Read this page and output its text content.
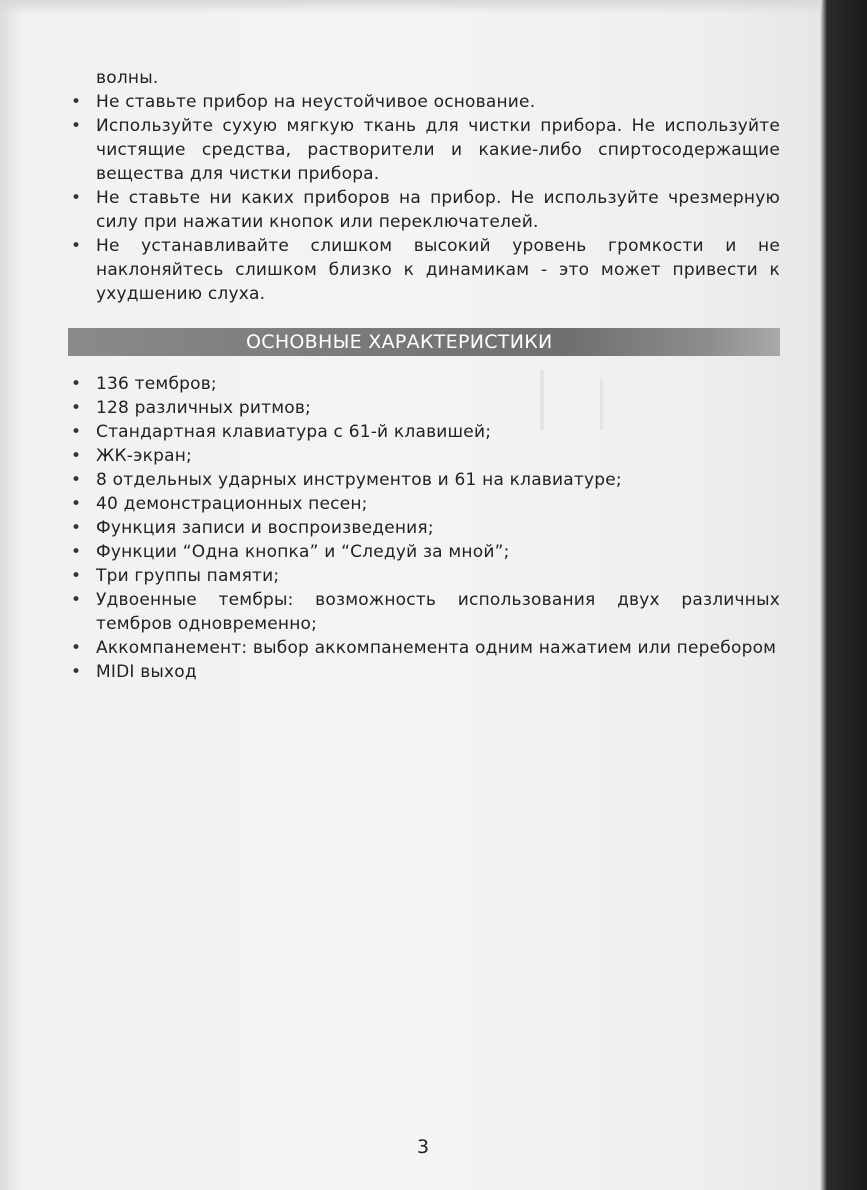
волны.

• Не ставьте прибор на неустойчивое основание.
• Используйте сухую мягкую ткань для чистки прибора. Не используйте чистящие средства, растворители и какие-либо спиртосодержащие вещества для чистки прибора.
• Не ставьте ни каких приборов на прибор. Не используйте чрезмерную силу при нажатии кнопок или переключателей.
• Не устанавливайте слишком высокий уровень громкости и не наклоняйтесь слишком близко к динамикам - это может привести к ухудшению слуха.
ОСНОВНЫЕ ХАРАКТЕРИСТИКИ
• 136 тембров;
• 128 различных ритмов;
• Стандартная клавиатура с 61-й клавишей;
• ЖК-экран;
• 8 отдельных ударных инструментов и 61 на клавиатуре;
• 40 демонстрационных песен;
• Функция записи и воспроизведения;
• Функции “Одна кнопка” и “Следуй за мной”;
• Три группы памяти;
• Удвоенные тембры: возможность использования двух различных тембров одновременно;
• Аккомпанемент: выбор аккомпанемента одним нажатием или перебором
• MIDI выход
3
